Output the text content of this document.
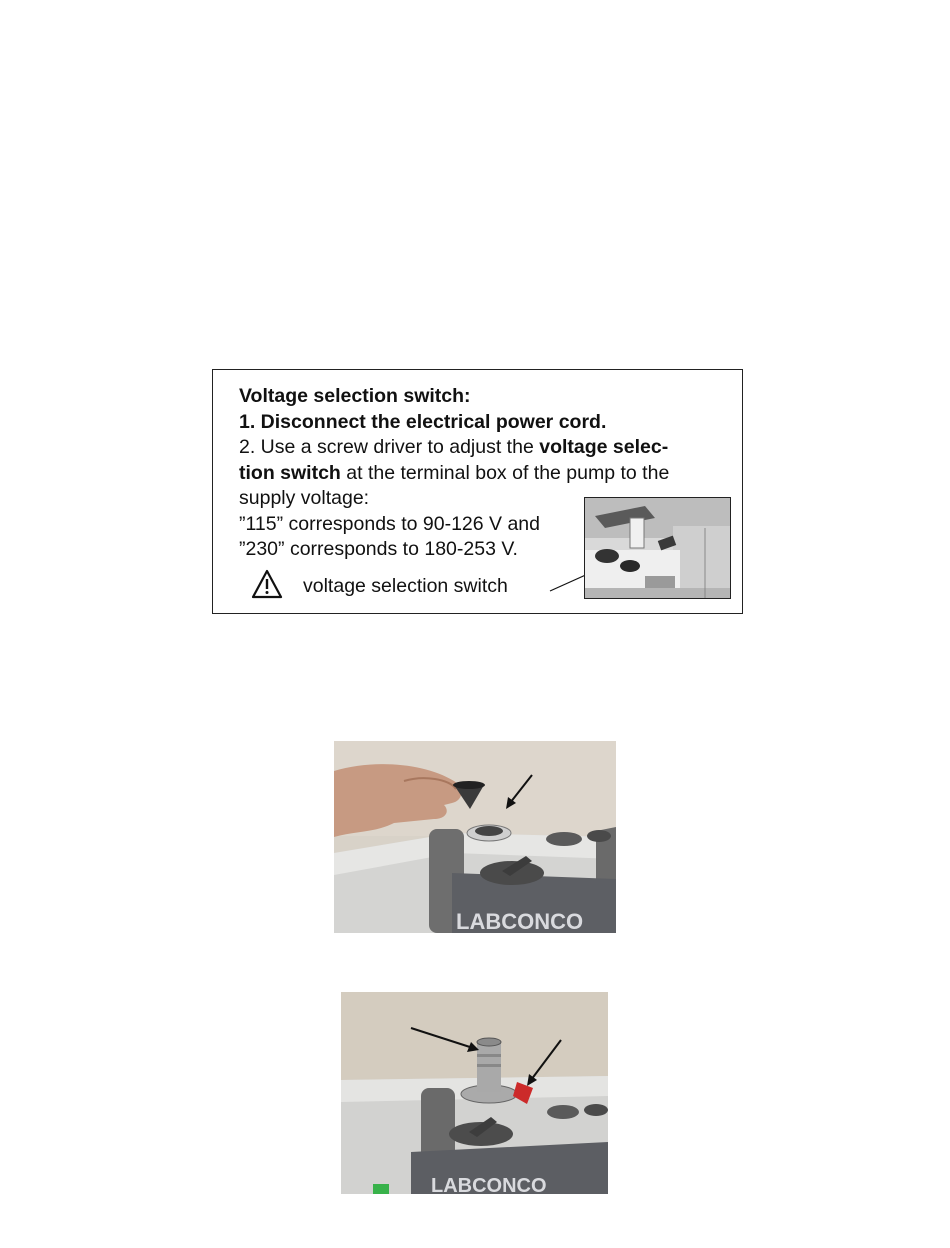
Voltage selection switch:
1. Disconnect the electrical power cord.
2. Use a screw driver to adjust the voltage selec-
tion switch at the terminal box of the pump to the
supply voltage:
”115” corresponds to 90-126 V and
”230” corresponds to 180-253 V.
voltage selection switch
LABCONCO
LABCONCO
